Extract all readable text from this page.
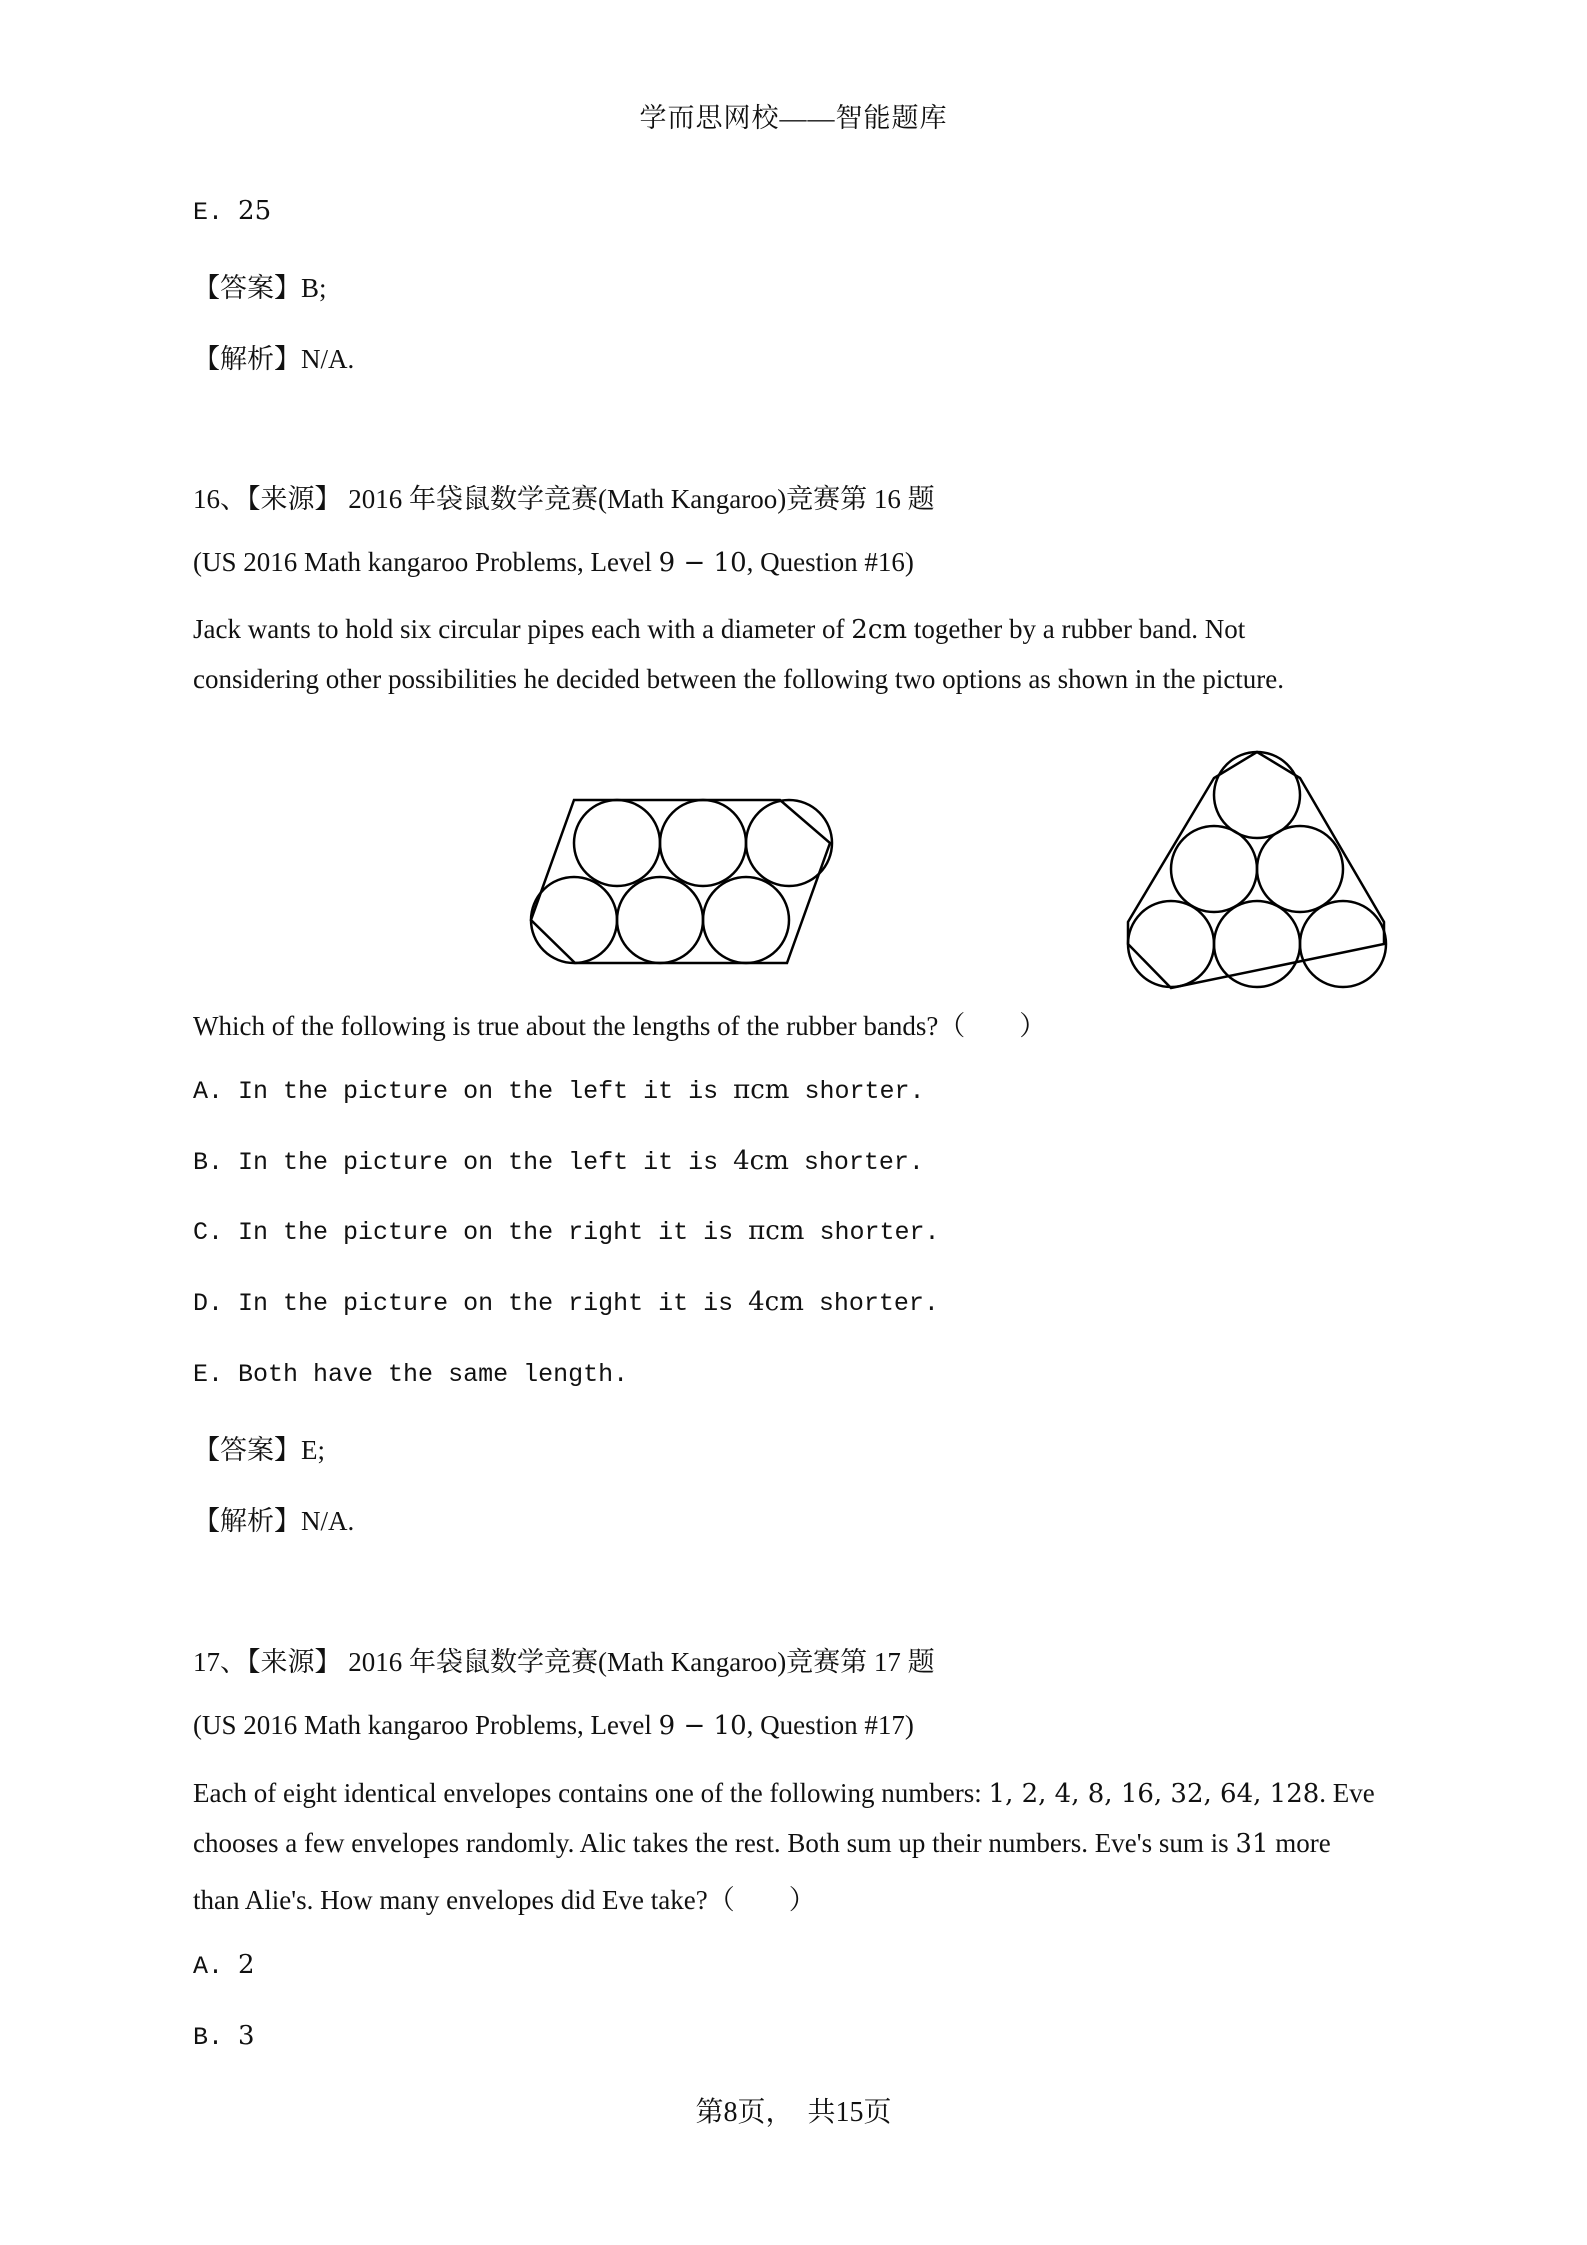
学而思网校——智能题库
E. 25
【答案】B;
【解析】N/A.
16、【来源】 2016 年袋鼠数学竞赛(Math Kangaroo)竞赛第 16 题
(US 2016 Math kangaroo Problems, Level 9 − 10, Question #16)
Jack wants to hold six circular pipes each with a diameter of 2cm together by a rubber band. Not
considering other possibilities he decided between the following two options as shown in the picture.
Which of the following is true about the lengths of the rubber bands?（　　）
A. In the picture on the left it is πcm shorter.
B. In the picture on the left it is 4cm shorter.
C. In the picture on the right it is πcm shorter.
D. In the picture on the right it is 4cm shorter.
E. Both have the same length.
【答案】E;
【解析】N/A.
17、【来源】 2016 年袋鼠数学竞赛(Math Kangaroo)竞赛第 17 题
(US 2016 Math kangaroo Problems, Level 9 − 10, Question #17)
Each of eight identical envelopes contains one of the following numbers: 1, 2, 4, 8, 16, 32, 64, 128. Eve
chooses a few envelopes randomly. Alic takes the rest. Both sum up their numbers. Eve's sum is 31 more
than Alie's. How many envelopes did Eve take?（　　）
A. 2
B. 3
第8页，　共15页
